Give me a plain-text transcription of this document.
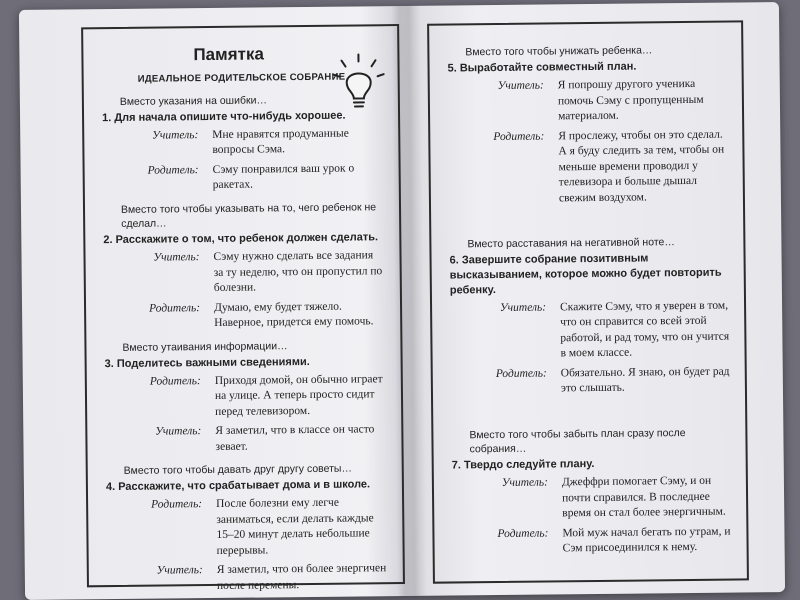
Памятка
ИДЕАЛЬНОЕ РОДИТЕЛЬСКОЕ СОБРАНИЕ
Вместо указания на ошибки…
1. Для начала опишите что-нибудь хорошее.
Учитель:	Мне нравятся продуманные вопросы Сэма.
Родитель:	Сэму понравился ваш урок о ракетах.
Вместо того чтобы указывать на то, чего ребенок не сделал…
2. Расскажите о том, что ребенок должен сделать.
Учитель:	Сэму нужно сделать все задания за ту неделю, что он пропустил по болезни.
Родитель:	Думаю, ему будет тяжело. Наверное, придется ему помочь.
Вместо утаивания информации…
3. Поделитесь важными сведениями.
Родитель:	Приходя домой, он обычно играет на улице. А теперь просто сидит перед телевизором.
Учитель:	Я заметил, что в классе он часто зевает.
Вместо того чтобы давать друг другу советы…
4. Расскажите, что срабатывает дома и в школе.
Родитель:	После болезни ему легче заниматься, если делать каждые 15–20 минут делать небольшие перерывы.
Учитель:	Я заметил, что он более энергичен после перемены.
Вместо того чтобы унижать ребенка…
5. Выработайте совместный план.
Учитель:	Я попрошу другого ученика помочь Сэму с пропущенным материалом.
Родитель:	Я прослежу, чтобы он это сделал. А я буду следить за тем, чтобы он меньше времени проводил у телевизора и больше дышал свежим воздухом.
Вместо расставания на негативной ноте…
6. Завершите собрание позитивным высказыванием, которое можно будет повторить ребенку.
Учитель:	Скажите Сэму, что я уверен в том, что он справится со всей этой работой, и рад тому, что он учится в моем классе.
Родитель:	Обязательно. Я знаю, он будет рад это слышать.
Вместо того чтобы забыть план сразу после собрания…
7. Твердо следуйте плану.
Учитель:	Джеффри помогает Сэму, и он почти справился. В последнее время он стал более энергичным.
Родитель:	Мой муж начал бегать по утрам, и Сэм присоединился к нему.
